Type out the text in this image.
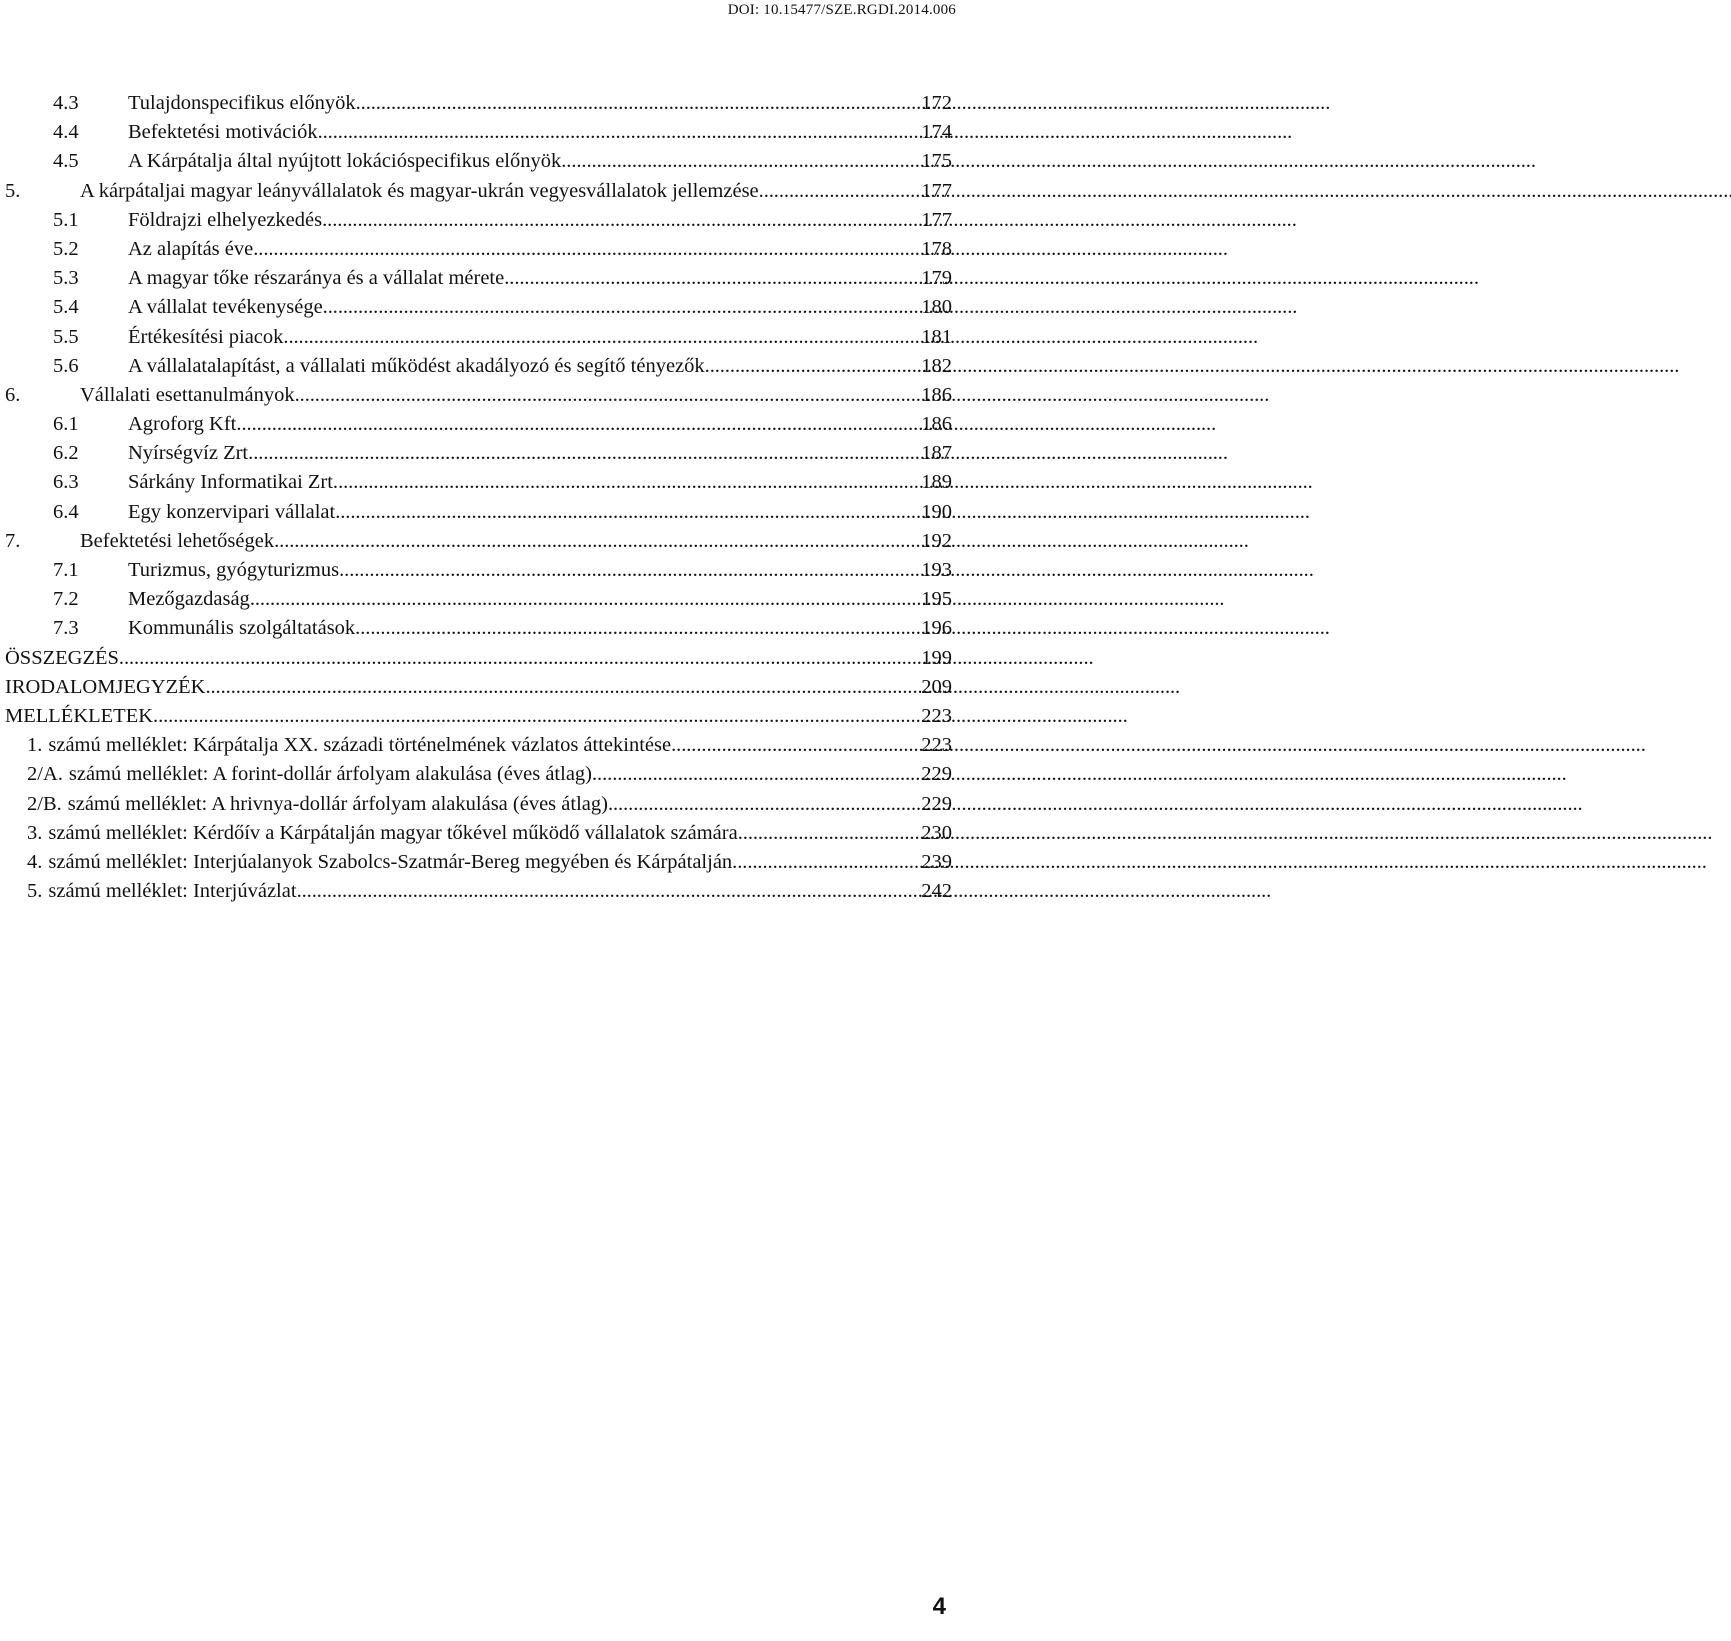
DOI: 10.15477/SZE.RGDI.2014.006
4.3	Tulajdonspecifikus előnyök . . .	172
4.4	Befektetési motivációk . . .	174
4.5	A Kárpátalja által nyújtott lokációspecifikus előnyök . . .	175
5.	A kárpátaljai magyar leányvállalatok és magyar-ukrán vegyesvállalatok jellemzése . . .	177
5.1	Földrajzi elhelyezkedés . . .	177
5.2	Az alapítás éve . . .	178
5.3	A magyar tőke részaránya és a vállalat mérete . . .	179
5.4	A vállalat tevékenysége . . .	180
5.5	Értékesítési piacok . . .	181
5.6	A vállalatalapítást, a vállalati működést akadályozó és segítő tényezők . . .	182
6.	Vállalati esettanulmányok . . .	186
6.1	Agroforg Kft. . . .	186
6.2	Nyírségvíz Zrt. . . .	187
6.3	Sárkány Informatikai Zrt. . . .	189
6.4	Egy konzervipari vállalat . . .	190
7.	Befektetési lehetőségek . . .	192
7.1	Turizmus, gyógyturizmus . . .	193
7.2	Mezőgazdaság . . .	195
7.3	Kommunális szolgáltatások . . .	196
ÖSSZEGZÉS . . .	199
IRODALOMJEGYZÉK . . .	209
MELLÉKLETEK . . .	223
1. számú melléklet: Kárpátalja XX. századi történelmének vázlatos áttekintése . . .	223
2/A. számú melléklet: A forint-dollár árfolyam alakulása (éves átlag) . . .	229
2/B. számú melléklet: A hrivnya-dollár árfolyam alakulása (éves átlag) . . .	229
3. számú melléklet: Kérdőív a Kárpátalján magyar tőkével működő vállalatok számára . . .	230
4. számú melléklet: Interjúalanyok Szabolcs-Szatmár-Bereg megyében és Kárpátalján . . .	239
5. számú melléklet: Interjúvázlat . . .	242
4
